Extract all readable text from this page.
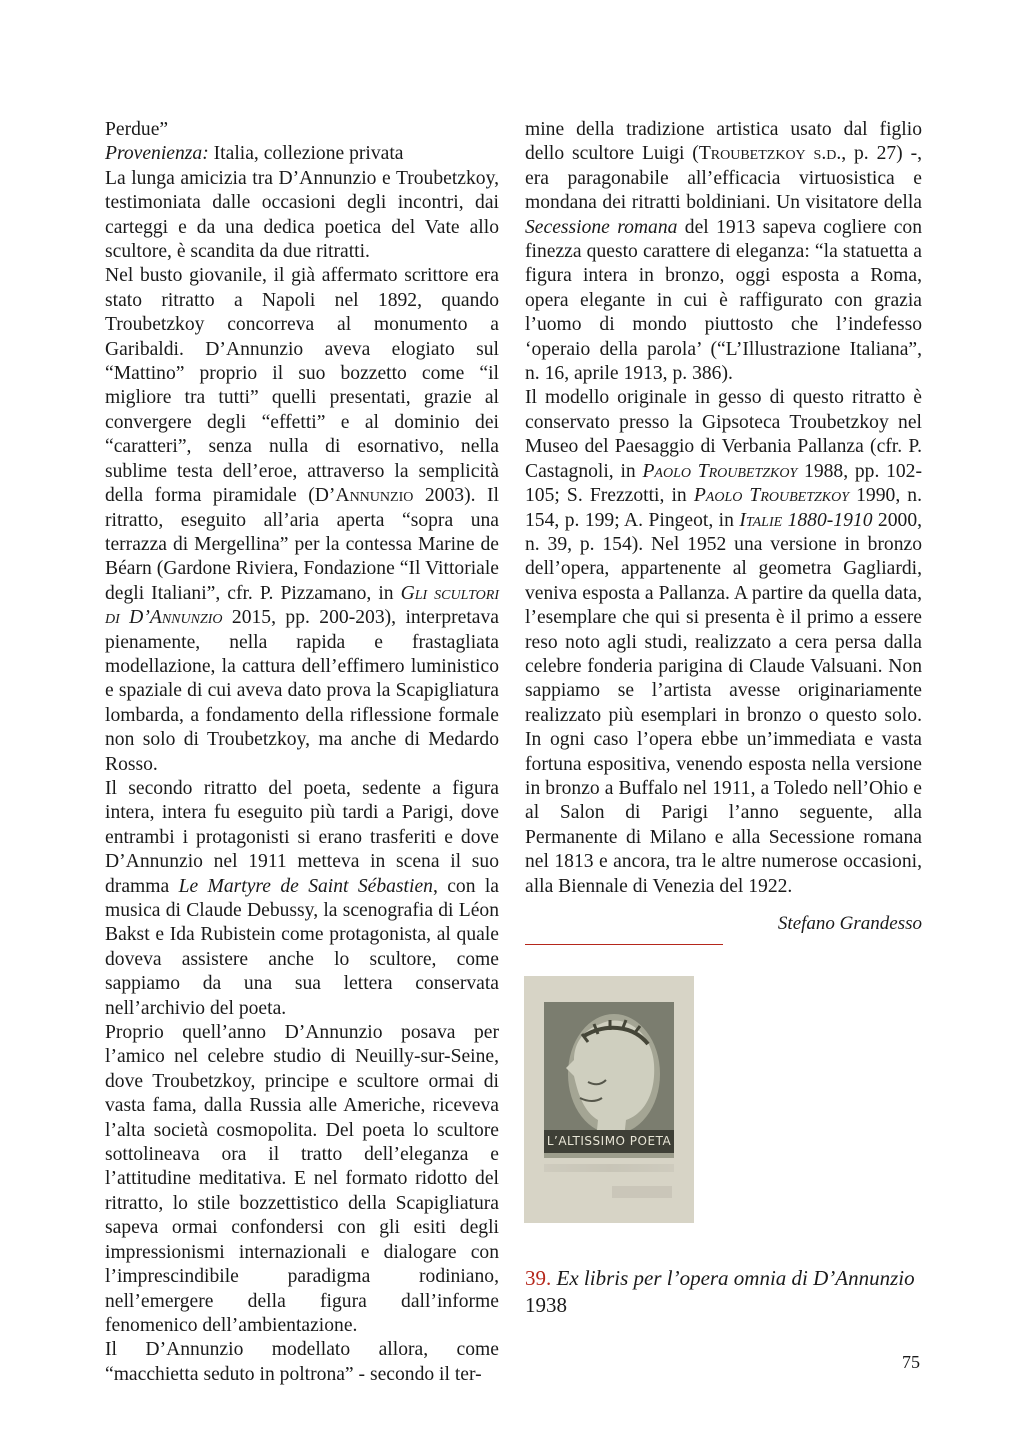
Perdue”

Provenienza: Italia, collezione privata

La lunga amicizia tra D’Annunzio e Troubetzkoy, testimoniata dalle occasioni degli incontri, dai carteggi e da una dedica poetica del Vate allo scultore, è scandita da due ritratti.

Nel busto giovanile, il già affermato scrittore era stato ritratto a Napoli nel 1892, quando Troubetzkoy concorreva al monumento a Garibaldi. D’Annunzio aveva elogiato sul “Mattino” proprio il suo bozzetto come “il migliore tra tutti” quelli presentati, grazie al convergere degli “effetti” e al dominio dei “caratteri”, senza nulla di esornativo, nella sublime testa dell’eroe, attraverso la semplicità della forma piramidale (D’Annunzio 2003). Il ritratto, eseguito all’aria aperta “sopra una terrazza di Mergellina” per la contessa Marine de Béarn (Gardone Riviera, Fondazione “Il Vittoriale degli Italiani”, cfr. P. Pizzamano, in Gli scultori di D’Annunzio 2015, pp. 200-203), interpretava pienamente, nella rapida e frastagliata modellazione, la cattura dell’effimero luministico e spaziale di cui aveva dato prova la Scapigliatura lombarda, a fondamento della riflessione formale non solo di Troubetzkoy, ma anche di Medardo Rosso.

Il secondo ritratto del poeta, sedente a figura intera, intera fu eseguito più tardi a Parigi, dove entrambi i protagonisti si erano trasferiti e dove D’Annunzio nel 1911 metteva in scena il suo dramma Le Martyre de Saint Sébastien, con la musica di Claude Debussy, la scenografia di Léon Bakst e Ida Rubistein come protagonista, al quale doveva assistere anche lo scultore, come sappiamo da una sua lettera conservata nell’archivio del poeta.

Proprio quell’anno D’Annunzio posava per l’amico nel celebre studio di Neuilly-sur-Seine, dove Troubetzkoy, principe e scultore ormai di vasta fama, dalla Russia alle Americhe, riceveva l’alta società cosmopolita. Del poeta lo scultore sottolineava ora il tratto dell’eleganza e l’attitudine meditativa. E nel formato ridotto del ritratto, lo stile bozzettistico della Scapigliatura sapeva ormai confondersi con gli esiti degli impressionismi internazionali e dialogare con l’imprescindibile paradigma rodiniano, nell’emergere della figura dall’informe fenomenico dell’ambientazione.

Il D’Annunzio modellato allora, come “macchietta seduto in poltrona” - secondo il ter-

mine della tradizione artistica usato dal figlio dello scultore Luigi (Troubetzkoy s.d., p. 27) -, era paragonabile all’efficacia virtuosistica e mondana dei ritratti boldiniani. Un visitatore della Secessione romana del 1913 sapeva cogliere con finezza questo carattere di eleganza: “la statuetta a figura intera in bronzo, oggi esposta a Roma, opera elegante in cui è raffigurato con grazia l’uomo di mondo piuttosto che l’indefesso ‘operaio della parola’ (“L’Illustrazione Italiana”, n. 16, aprile 1913, p. 386).

Il modello originale in gesso di questo ritratto è conservato presso la Gipsoteca Troubetzkoy nel Museo del Paesaggio di Verbania Pallanza (cfr. P. Castagnoli, in Paolo Troubetzkoy 1988, pp. 102-105; S. Frezzotti, in Paolo Troubetzkoy 1990, n. 154, p. 199; A. Pingeot, in Italie 1880-1910 2000, n. 39, p. 154). Nel 1952 una versione in bronzo dell’opera, appartenente al geometra Gagliardi, veniva esposta a Pallanza. A partire da quella data, l’esemplare che qui si presenta è il primo a essere reso noto agli studi, realizzato a cera persa dalla celebre fonderia parigina di Claude Valsuani. Non sappiamo se l’artista avesse originariamente realizzato più esemplari in bronzo o questo solo. In ogni caso l’opera ebbe un’immediata e vasta fortuna espositiva, venendo esposta nella versione in bronzo a Buffalo nel 1911, a Toledo nell’Ohio e al Salon di Parigi l’anno seguente, alla Permanente di Milano e alla Secessione romana nel 1813 e ancora, tra le altre numerose occasioni, alla Biennale di Venezia del 1922.

Stefano Grandesso
L’ALTISSIMO POETA
39. Ex libris per l’opera omnia di D’Annunzio
1938
75
